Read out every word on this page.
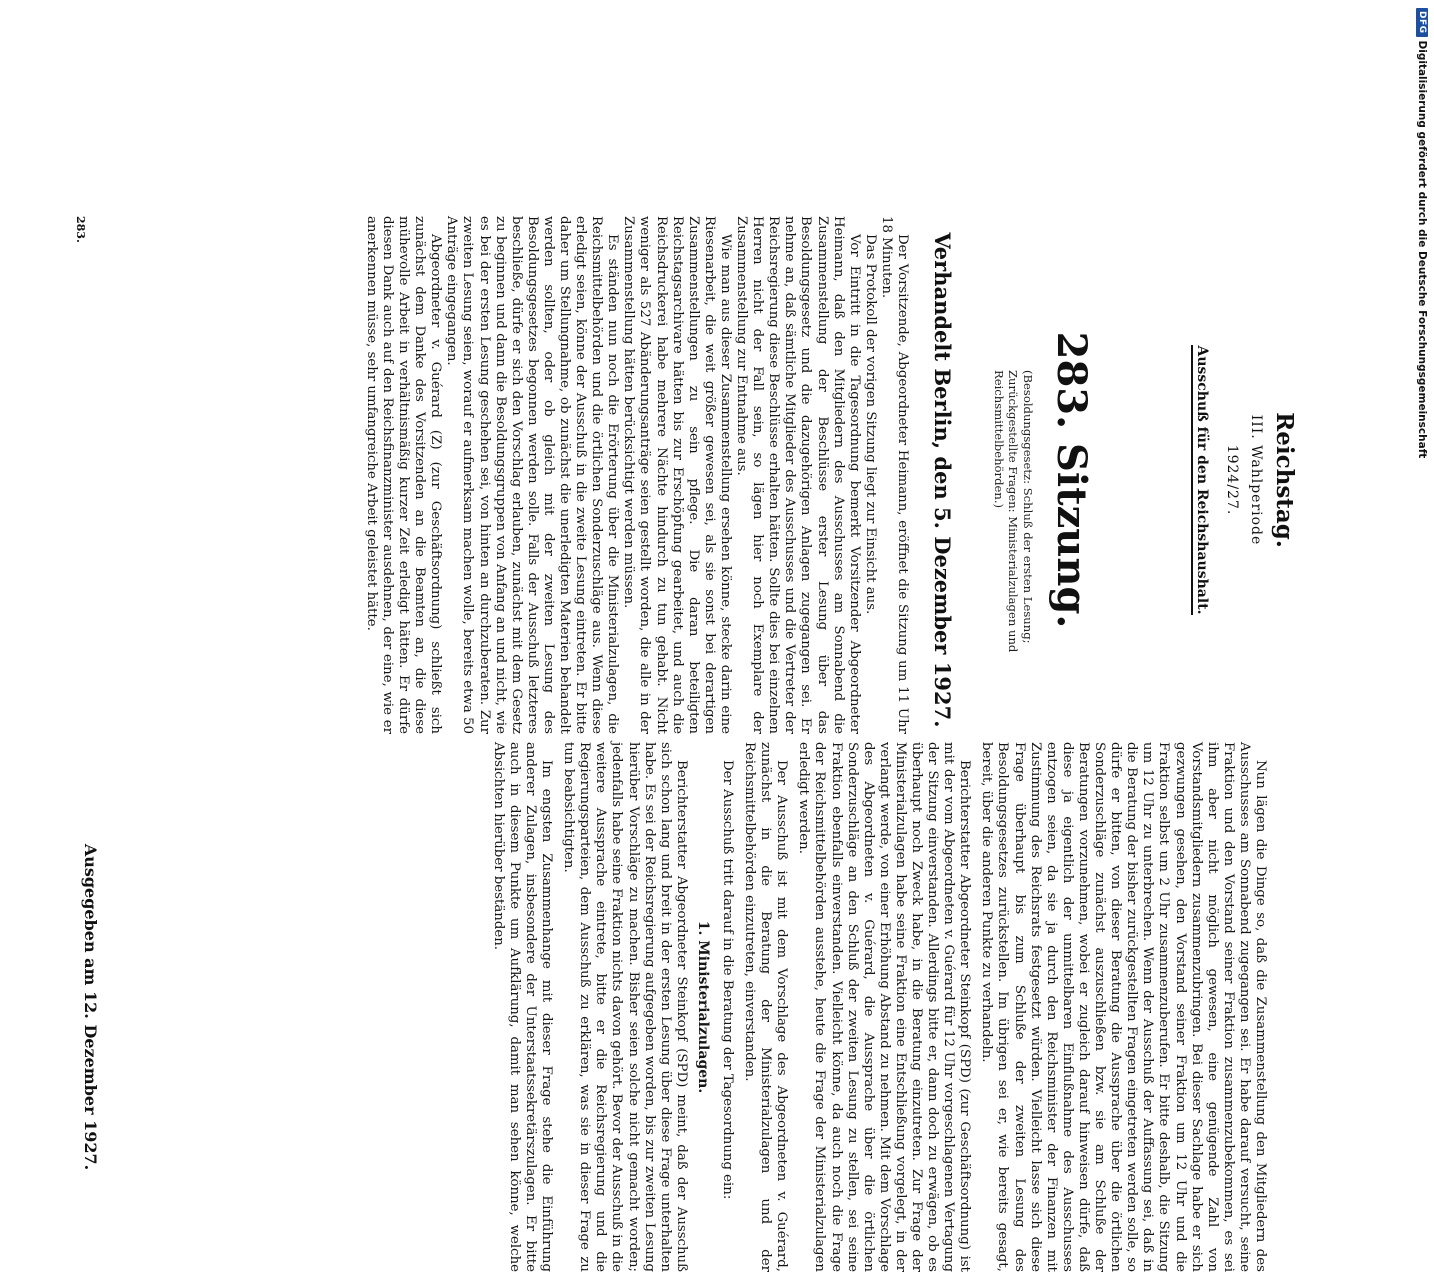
Reichstag.

III. Wahlperiode

1924/27.

Ausschuß für den Reichshaushalt.

283. Sitzung.

(Besoldungsgesetz: Schluß der ersten Lesung; Zurückgestellte Fragen: Ministerialzulagen und Reichsmittelbehörden.)

Verhandelt Berlin, den 5. Dezember 1927.

Der Vorsitzende, Abgeordneter Heimann, eröffnet die Sitzung um 11 Uhr 18 Minuten.

Das Protokoll der vorigen Sitzung liegt zur Einsicht aus.

Vor Eintritt in die Tagesordnung bemerkt Vorsitzender Abgeordneter Heimann, daß den Mitgliedern des Ausschusses am Sonnabend die Zusammenstellung der Beschlüsse erster Lesung über das Besoldungsgesetz und die dazugehörigen Anlagen zugegangen sei. Er nehme an, daß sämtliche Mitglieder des Ausschusses und die Vertreter der Reichsregierung diese Beschlüsse erhalten hätten. Sollte dies bei einzelnen Herren nicht der Fall sein, so lägen hier noch Exemplare der Zusammenstellung zur Entnahme aus.

Wie man aus dieser Zusammenstellung ersehen könne, stecke darin eine Riesenarbeit, die weit größer gewesen sei, als sie sonst bei derartigen Zusammenstellungen zu sein pflege. Die daran beteiligten Reichstagsarchivare hätten bis zur Erschöpfung gearbeitet, und auch die Reichsdruckerei habe mehrere Nächte hindurch zu tun gehabt. Nicht weniger als 527 Abänderungsanträge seien gestellt worden, die alle in der Zusammenstellung hätten berücksichtigt werden müssen.

Es ständen nun noch die Erörterung über die Ministerialzulagen, die Reichsmittelbehörden und die örtlichen Sonderzuschläge aus. Wenn diese erledigt seien, könne der Ausschuß in die zweite Lesung eintreten. Er bitte daher um Stellungnahme, ob zunächst die unerledigten Materien behandelt werden sollten, oder ob gleich mit der zweiten Lesung des Besoldungsgesetzes begonnen werden solle. Falls der Ausschuß letzteres beschließe, dürfe er sich den Vorschlag erlauben, zunächst mit dem Gesetz zu beginnen und dann die Besoldungsgruppen von Anfang an und nicht, wie es bei der ersten Lesung geschehen sei, von hinten an durchzuberaten. Zur zweiten Lesung seien, worauf er aufmerksam machen wolle, bereits etwa 50 Anträge eingegangen.

Abgeordneter v. Guérard (Z) (zur Geschäftsordnung) schließt sich zunächst dem Danke des Vorsitzenden an die Beamten an, die diese mühevolle Arbeit in verhältnismäßig kurzer Zeit erledigt hätten. Er dürfe diesen Dank auch auf den Reichsfinanzminister ausdehnen, der eine, wie er anerkennen müsse, sehr umfangreiche Arbeit geleistet hätte.

283.

Nun lägen die Dinge so, daß die Zusammenstellung den Mitgliedern des Ausschusses am Sonnabend zugegangen sei. Er habe darauf versucht, seine Fraktion und den Vorstand seiner Fraktion zusammenzubekommen, es sei ihm aber nicht möglich gewesen, eine genügende Zahl von Vorstandsmitgliedern zusammenzubringen. Bei dieser Sachlage habe er sich gezwungen gesehen, den Vorstand seiner Fraktion um 12 Uhr und die Fraktion selbst um 2 Uhr zusammenzuberufen. Er bitte deshalb, die Sitzung um 12 Uhr zu unterbrechen. Wenn der Ausschuß der Auffassung sei, daß in die Beratung der bisher zurückgestellten Fragen eingetreten werden solle, so dürfe er bitten, von dieser Beratung die Aussprache über die örtlichen Sonderzuschläge zunächst auszuschließen bzw. sie am Schluße der Beratungen vorzunehmen, wobei er zugleich darauf hinweisen dürfe, daß diese ja eigentlich der unmittelbaren Einflußnahme des Ausschusses entzogen seien, da sie ja durch den Reichsminister der Finanzen mit Zustimmung des Reichsrats festgesetzt würden. Vielleicht lasse sich diese Frage überhaupt bis zum Schluße der zweiten Lesung des Besoldungsgesetzes zurückstellen. Im übrigen sei er, wie bereits gesagt, bereit, über die anderen Punkte zu verhandeln.

Berichterstatter Abgeordneter Steinkopf (SPD) (zur Geschäftsordnung) ist mit der vom Abgeordneten v. Guérard für 12 Uhr vorgeschlagenen Vertagung der Sitzung einverstanden. Allerdings bitte er, dann doch zu erwägen, ob es überhaupt noch Zweck habe, in die Beratung einzutreten. Zur Frage der Ministerialzulagen habe seine Fraktion eine Entschließung vorgelegt, in der verlangt werde, von einer Erhöhung Abstand zu nehmen. Mit dem Vorschlage des Abgeordneten v. Guérard, die Aussprache über die örtlichen Sonderzuschläge an den Schluß der zweiten Lesung zu stellen, sei seine Fraktion ebenfalls einverstanden. Vielleicht könne, da auch noch die Frage der Reichsmittelbehörden ausstehe, heute die Frage der Ministerialzulagen erledigt werden.

Der Ausschuß ist mit dem Vorschlage des Abgeordneten v. Guérard, zunächst in die Beratung der Ministerialzulagen und der Reichsmittelbehörden einzutreten, einverstanden.

Der Ausschuß tritt darauf in die Beratung der Tagesordnung ein:

1. Ministerialzulagen.

Berichterstatter Abgeordneter Steinkopf (SPD) meint, daß der Ausschuß sich schon lang und breit in der ersten Lesung über diese Frage unterhalten habe. Es sei der Reichsregierung aufgegeben worden, bis zur zweiten Lesung hierüber Vorschläge zu machen. Bisher seien solche nicht gemacht worden; jedenfalls habe seine Fraktion nichts davon gehört. Bevor der Ausschuß in die weitere Aussprache eintrete, bitte er die Reichsregierung und die Regierungsparteien, dem Ausschuß zu erklären, was sie in dieser Frage zu tun beabsichtigten.

Im engsten Zusammenhange mit dieser Frage stehe die Einführung anderer Zulagen, insbesondere der Unterstaatssekretärszulagen. Er bitte auch in diesem Punkte um Aufklärung, damit man sehen könne, welche Absichten hierüber beständen.

Ausgegeben am 12. Dezember 1927.

DFG
Digitalisierung gefördert durch die Deutsche Forschungsgemeinschaft
